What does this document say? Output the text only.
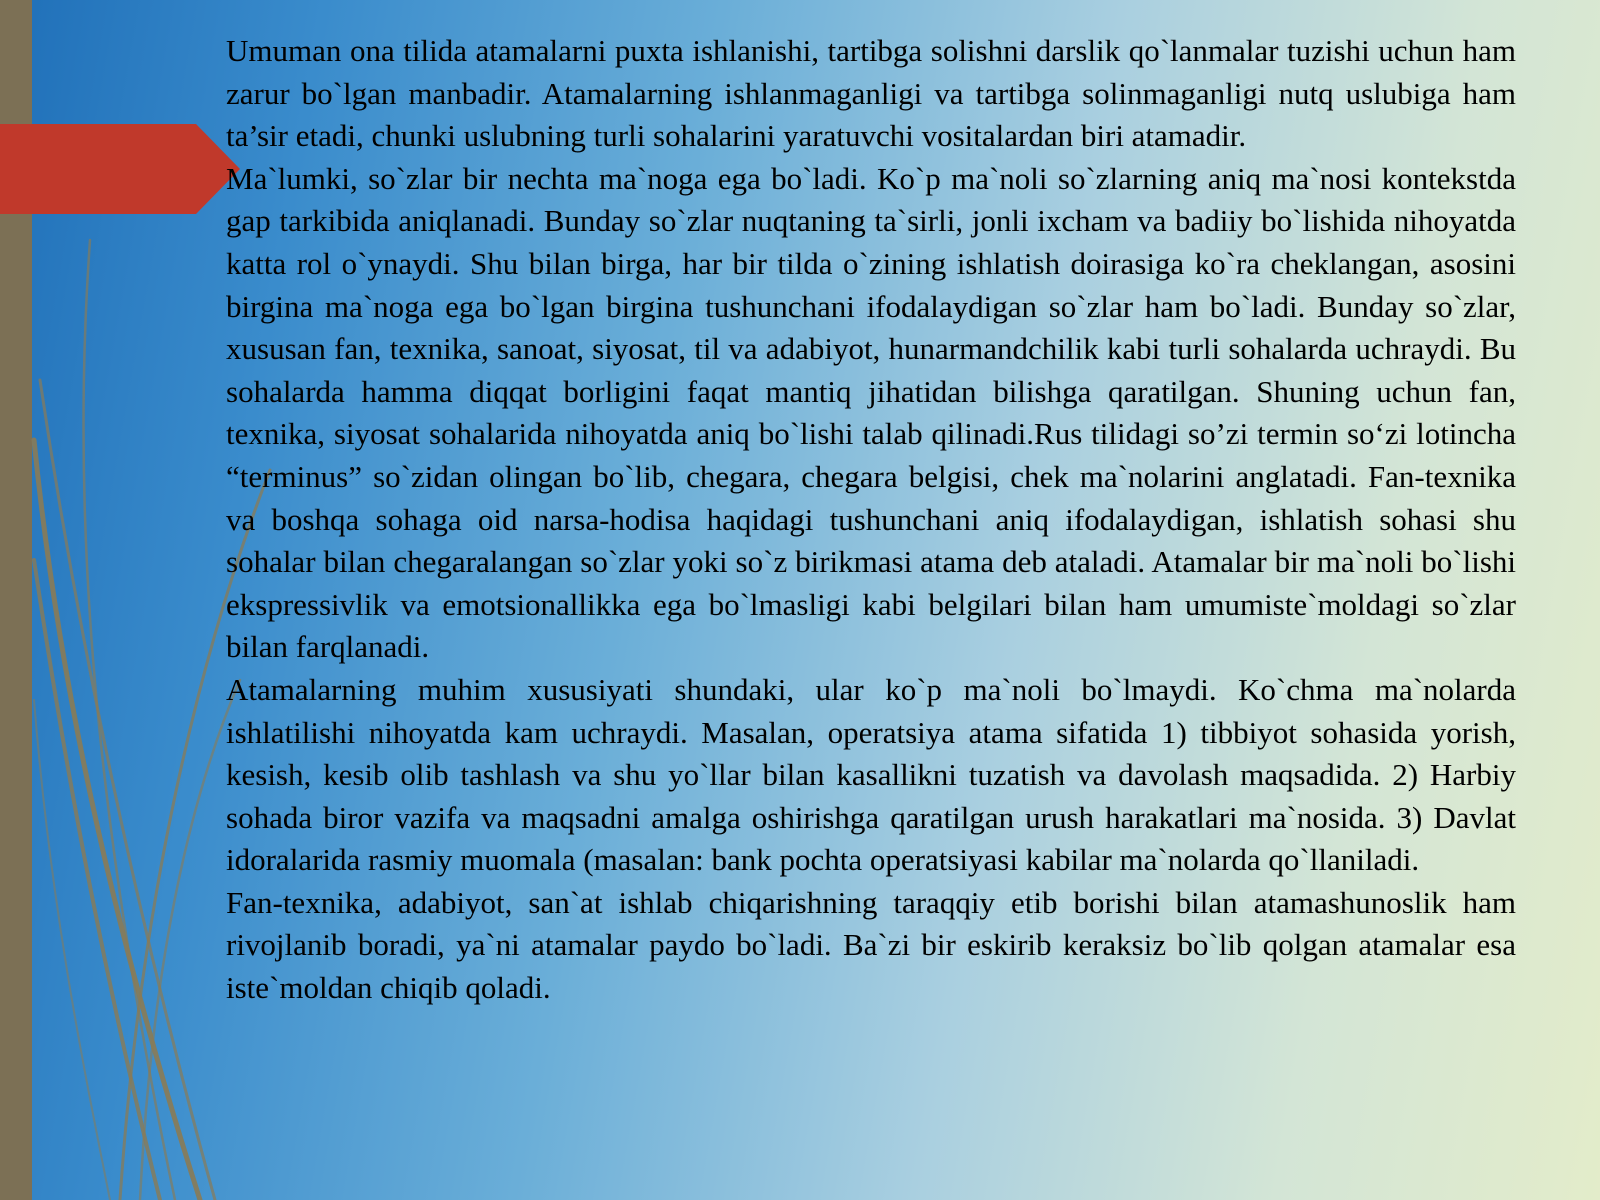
Umuman ona tilida atamalarni puxta ishlanishi, tartibga solishni darslik qo`lanmalar tuzishi uchun ham zarur bo`lgan manbadir. Atamalarning ishlanmaganligi va tartibga solinmaganligi nutq uslubiga ham ta’sir etadi, chunki uslubning turli sohalarini yaratuvchi vositalardan biri atamadir.

Ma`lumki, so`zlar bir nechta ma`noga ega bo`ladi. Ko`p ma`noli so`zlarning aniq ma`nosi kontekstda gap tarkibida aniqlanadi. Bunday so`zlar nuqtaning ta`sirli, jonli ixcham va badiiy bo`lishida nihoyatda katta rol o`ynaydi. Shu bilan birga, har bir tilda o`zining ishlatish doirasiga ko`ra cheklangan, asosini birgina ma`noga ega bo`lgan birgina tushunchani ifodalaydigan so`zlar ham bo`ladi. Bunday so`zlar, xususan fan, texnika, sanoat, siyosat, til va adabiyot, hunarmandchilik kabi turli sohalarda uchraydi. Bu sohalarda hamma diqqat borligini faqat mantiq jihatidan bilishga qaratilgan. Shuning uchun fan, texnika, siyosat sohalarida nihoyatda aniq bo`lishi talab qilinadi.Rus tilidagi so’zi termin so‘zi lotincha “terminus” so`zidan olingan bo`lib, chegara, chegara belgisi, chek ma`nolarini anglatadi. Fan-texnika va boshqa sohaga oid narsa-hodisa haqidagi tushunchani aniq ifodalaydigan, ishlatish sohasi shu sohalar bilan chegaralangan so`zlar yoki so`z birikmasi atama deb ataladi. Atamalar bir ma`noli bo`lishi ekspressivlik va emotsionallikka ega bo`lmasligi kabi belgilari bilan ham umumiste`moldagi so`zlar bilan farqlanadi.

Atamalarning muhim xususiyati shundaki, ular ko`p ma`noli bo`lmaydi. Ko`chma ma`nolarda ishlatilishi nihoyatda kam uchraydi. Masalan, operatsiya atama sifatida 1) tibbiyot sohasida yorish, kesish, kesib olib tashlash va shu yo`llar bilan kasallikni tuzatish va davolash maqsadida. 2) Harbiy sohada biror vazifa va maqsadni amalga oshirishga qaratilgan urush harakatlari ma`nosida. 3) Davlat idoralarida rasmiy muomala (masalan: bank pochta operatsiyasi kabilar ma`nolarda qo`llaniladi.

Fan-texnika, adabiyot, san`at ishlab chiqarishning taraqqiy etib borishi bilan atamashunoslik ham rivojlanib boradi, ya`ni atamalar paydo bo`ladi. Ba`zi bir eskirib keraksiz bo`lib qolgan atamalar esa iste`moldan chiqib qoladi.
